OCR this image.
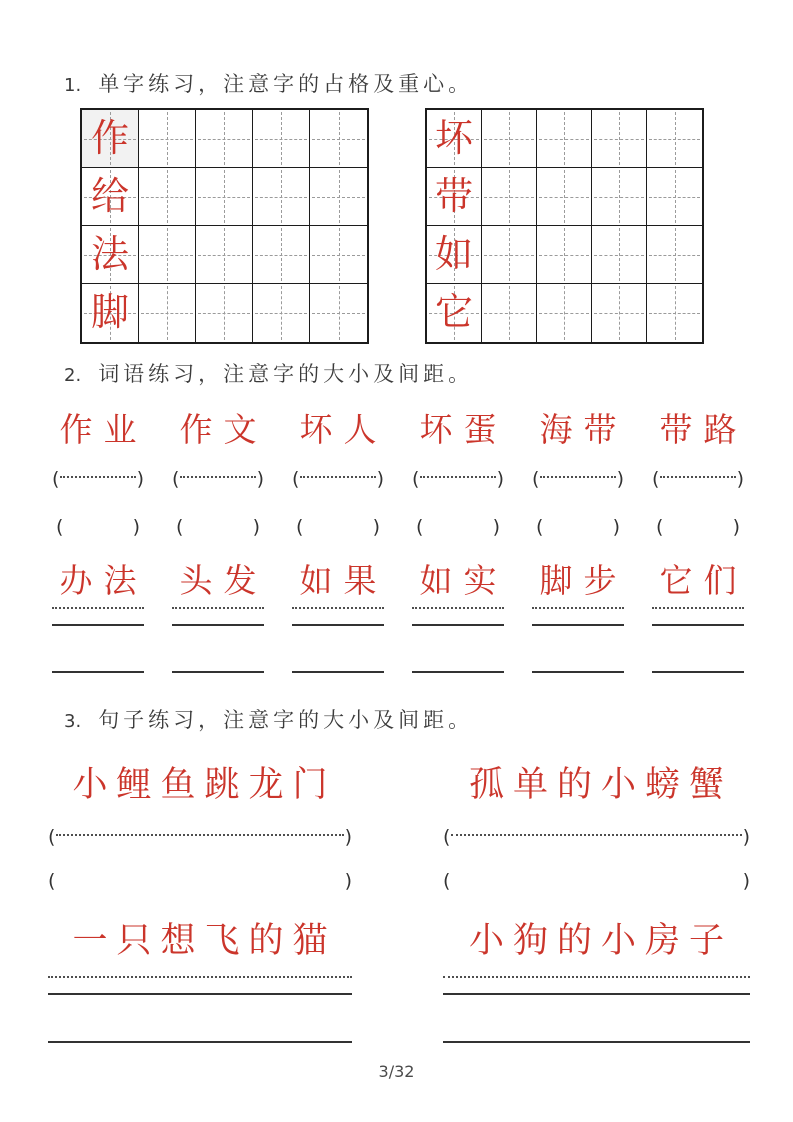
1. 单字练习，注意字的占格及重心。
作
给
法
脚
坏
带
如
它
2. 词语练习，注意字的大小及间距。
作业
(	)
(	)
办法
作文
(	)
(	)
头发
坏人
(	)
(	)
如果
坏蛋
(	)
(	)
如实
海带
(	)
(	)
脚步
带路
(	)
(	)
它们
3. 句子练习，注意字的大小及间距。
小鲤鱼跳龙门
(	)
(	)
一只想飞的猫
孤单的小螃蟹
(	)
(	)
小狗的小房子
3/32
